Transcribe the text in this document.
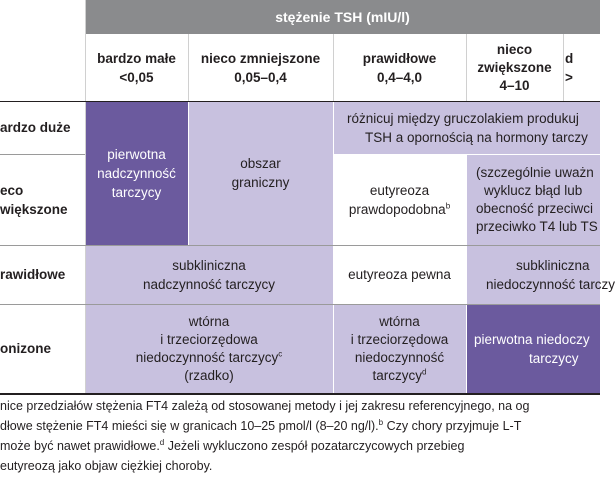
stężenie TSH (mIU/l)
bardzo małe
<0,05
nieco zmniejszone
0,05–0,4
prawidłowe
0,4–4,0
nieco
zwiększone
4–10
d
>
ardzo duże
eco
większone
rawidłowe
onizone
pierwotna
nadczynność
tarczycy
obszar
graniczny
różnicuj między gruczolakiem produkuj
TSH a opornością na hormony tarczy
eutyreoza
prawdopodobna$^b$
(szczególnie uważn
wyklucz błąd lub
obecność przeciwci
przeciwko T4 lub TS
subkliniczna
nadczynność tarczycy
eutyreoza pewna
subkliniczna
niedoczynność tarczy
wtórna
i trzeciorzędowa
niedoczynność tarczycy$^c$
(rzadko)
wtórna
i trzeciorzędowa
niedoczynność
tarczycy$^d$
pierwotna niedoczy
tarczycy
nice przedziałów stężenia FT4 zależą od stosowanej metody i jej zakresu referencyjnego, na og
dłowe stężenie FT4 mieści się w granicach 10–25 pmol/l (8–20 ng/l).$^b$ Czy chory przyjmuje L-T
może być nawet prawidłowe.$^d$ Jeżeli wykluczono zespół pozatarczycowych przebieg
eutyreozą jako objaw ciężkiej choroby.
